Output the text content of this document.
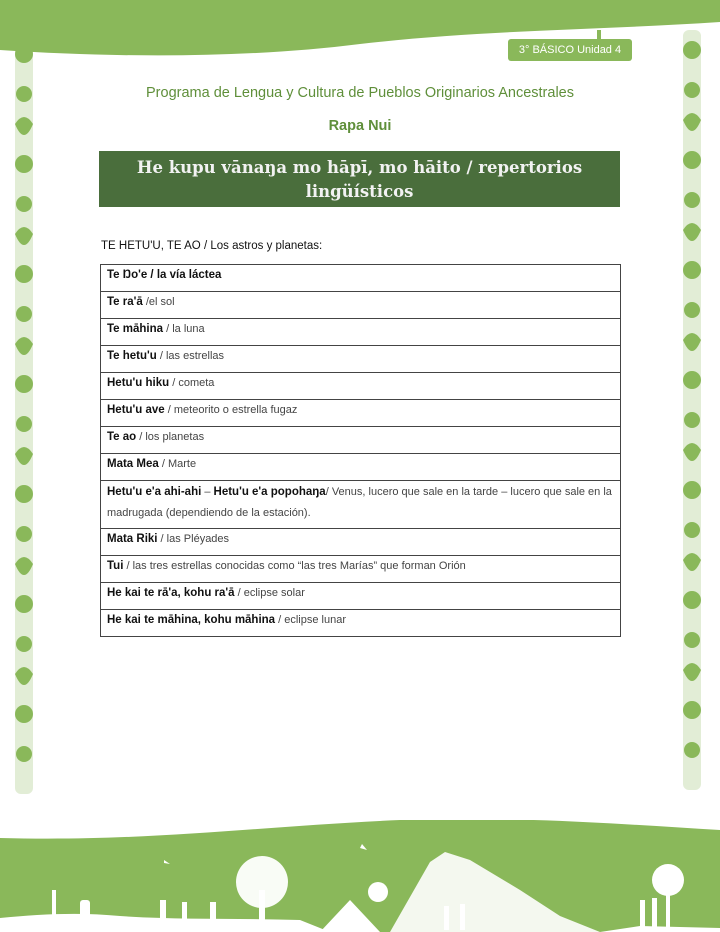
3° BÁSICO Unidad 4
Programa de Lengua y Cultura de Pueblos Originarios Ancestrales
Rapa Nui
He kupu vānaŋa mo hāpī, mo hāito / repertorios
lingüísticos
TE HETU'U, TE AO / Los astros y planetas:
Te Ŋo'e / la vía láctea
Te ra'ā /el sol
Te māhina / la luna
Te hetu'u / las estrellas
Hetu'u hiku / cometa
Hetu'u ave / meteorito o estrella fugaz
Te ao / los planetas
Mata Mea / Marte
Hetu'u e'a ahi-ahi – Hetu'u e'a popohaŋa/ Venus, lucero que sale en la tarde – lucero que sale en la madrugada (dependiendo de la estación).
Mata Riki / las Pléyades
Tui / las tres estrellas conocidas como “las tres Marías” que forman Orión
He kai te rā'a, kohu ra'ā / eclipse solar
He kai te māhina, kohu māhina / eclipse lunar
